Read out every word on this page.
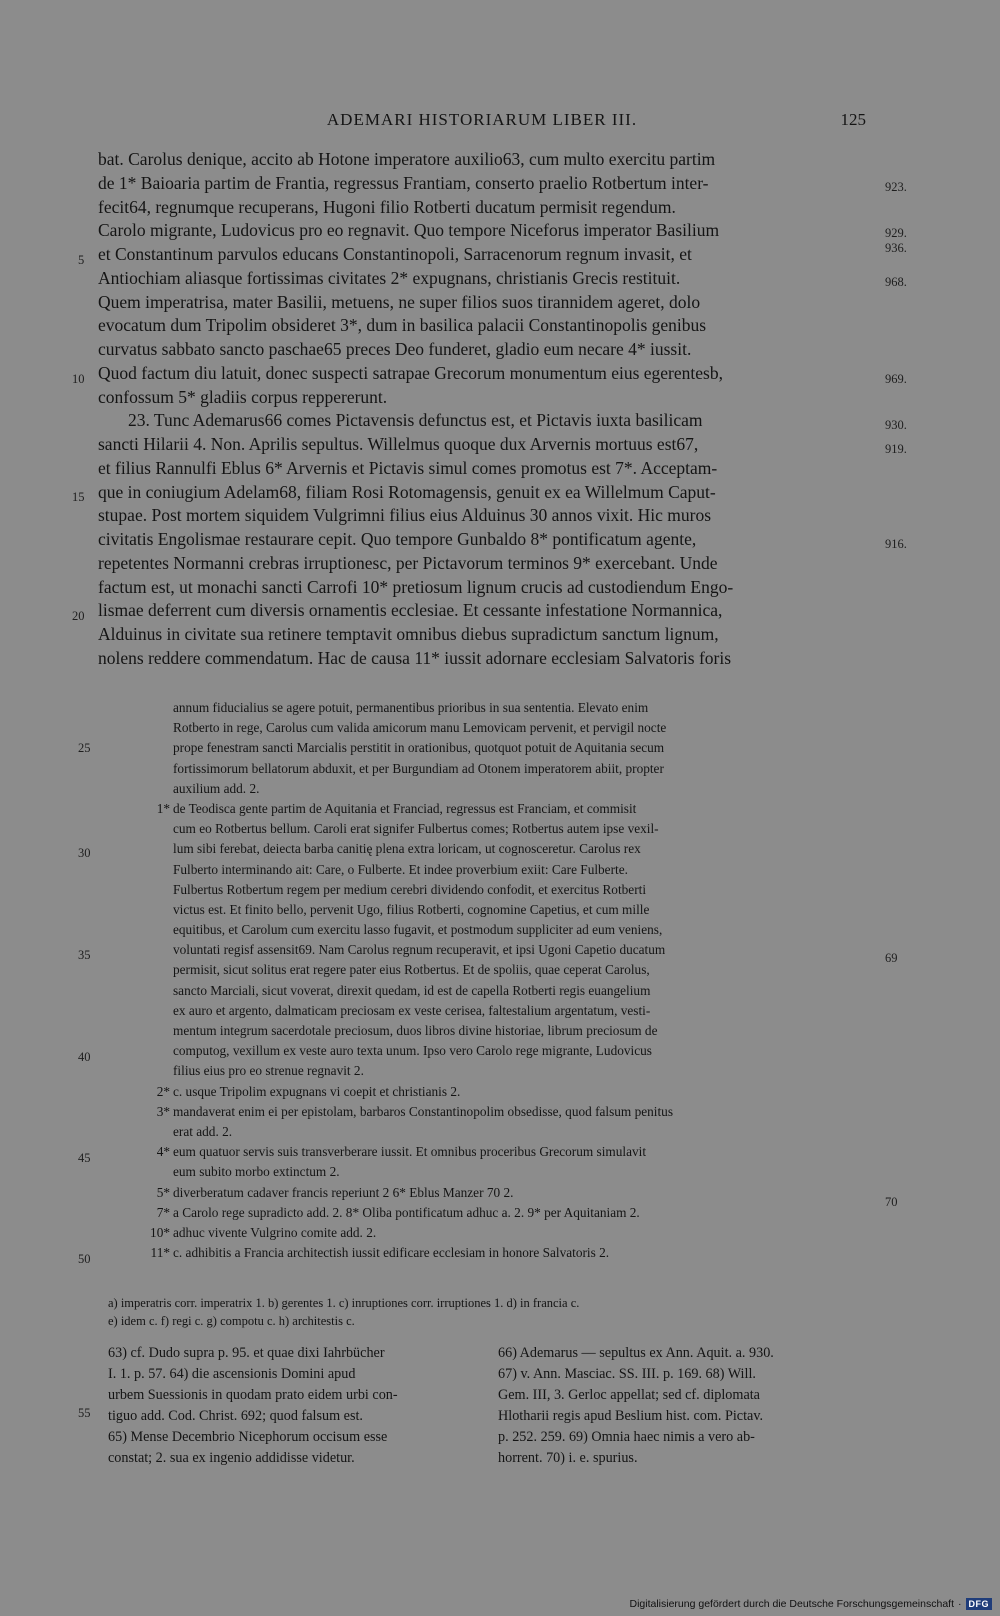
ADEMARI HISTORIARUM LIBER III.	125
bat. Carolus denique, accito ab Hotone imperatore auxilio63, cum multo exercitu partim
de 1* Baioaria partim de Frantia, regressus Frantiam, conserto praelio Rotbertum inter-
fecit64, regnumque recuperans, Hugoni filio Rotberti ducatum permisit regendum.
Carolo migrante, Ludovicus pro eo regnavit. Quo tempore Niceforus imperator Basilium
et Constantinum parvulos educans Constantinopoli, Sarracenorum regnum invasit, et
Antiochiam aliasque fortissimas civitates 2* expugnans, christianis Grecis restituit.
Quem imperatrisa, mater Basilii, metuens, ne super filios suos tirannidem ageret, dolo
evocatum dum Tripolim obsideret 3*, dum in basilica palacii Constantinopolis genibus
curvatus sabbato sancto paschae65 preces Deo funderet, gladio eum necare 4* iussit.
Quod factum diu latuit, donec suspecti satrapae Grecorum monumentum eius egerentesb,
confossum 5* gladiis corpus reppererunt.
23. Tunc Ademarus66 comes Pictavensis defunctus est, et Pictavis iuxta basilicam
sancti Hilarii 4. Non. Aprilis sepultus. Willelmus quoque dux Arvernis mortuus est67,
et filius Rannulfi Eblus 6* Arvernis et Pictavis simul comes promotus est 7*. Acceptam-
que in coniugium Adelam68, filiam Rosi Rotomagensis, genuit ex ea Willelmum Caput-
stupae. Post mortem siquidem Vulgrimni filius eius Alduinus 30 annos vixit. Hic muros
civitatis Engolismae restaurare cepit. Quo tempore Gunbaldo 8* pontificatum agente,
repetentes Normanni crebras irruptionesc, per Pictavorum terminos 9* exercebant. Unde
factum est, ut monachi sancti Carrofi 10* pretiosum lignum crucis ad custodiendum Engo-
lismae deferrent cum diversis ornamentis ecclesiae. Et cessante infestatione Normannica,
Alduinus in civitate sua retinere temptavit omnibus diebus supradictum sanctum lignum,
nolens reddere commendatum. Hac de causa 11* iussit adornare ecclesiam Salvatoris foris
5
10
15
20
923.
929.
936.
968.
969.
930.
919.
916.
annum fiducialius se agere potuit, permanentibus prioribus in sua sententia. Elevato enim
Rotberto in rege, Carolus cum valida amicorum manu Lemovicam pervenit, et pervigil nocte
prope fenestram sancti Marcialis perstitit in orationibus, quotquot potuit de Aquitania secum
fortissimorum bellatorum abduxit, et per Burgundiam ad Otonem imperatorem abiit, propter
auxilium add. 2.
1* de Teodisca gente partim de Aquitania et Franciad, regressus est Franciam, et commisit
cum eo Rotbertus bellum. Caroli erat signifer Fulbertus comes; Rotbertus autem ipse vexil-
lum sibi ferebat, deiecta barba canitię plena extra loricam, ut cognosceretur. Carolus rex
Fulberto interminando ait: Care, o Fulberte. Et indee proverbium exiit: Care Fulberte.
Fulbertus Rotbertum regem per medium cerebri dividendo confodit, et exercitus Rotberti
victus est. Et finito bello, pervenit Ugo, filius Rotberti, cognomine Capetius, et cum mille
equitibus, et Carolum cum exercitu lasso fugavit, et postmodum suppliciter ad eum veniens,
voluntati regisf assensit69. Nam Carolus regnum recuperavit, et ipsi Ugoni Capetio ducatum
permisit, sicut solitus erat regere pater eius Rotbertus. Et de spoliis, quae ceperat Carolus,
sancto Marciali, sicut voverat, direxit quedam, id est de capella Rotberti regis euangelium
ex auro et argento, dalmaticam preciosam ex veste cerisea, faltestalium argentatum, vesti-
mentum integrum sacerdotale preciosum, duos libros divine historiae, librum preciosum de
computog, vexillum ex veste auro texta unum. Ipso vero Carolo rege migrante, Ludovicus
filius eius pro eo strenue regnavit 2.
2* c. usque Tripolim expugnans vi coepit et christianis 2.
3* mandaverat enim ei per epistolam, barbaros Constantinopolim obsedisse, quod falsum penitus
erat add. 2.
4* eum quatuor servis suis transverberare iussit. Et omnibus proceribus Grecorum simulavit
eum subito morbo extinctum 2.
5* diverberatum cadaver francis reperiunt 2 6* Eblus Manzer 70 2.
7* a Carolo rege supradicto add. 2. 8* Oliba pontificatum adhuc a. 2. 9* per Aquitaniam 2.
10* adhuc vivente Vulgrino comite add. 2.
11* c. adhibitis a Francia architectish iussit edificare ecclesiam in honore Salvatoris 2.
25
30
35
40
45
50
69
70
a) imperatris corr. imperatrix 1. b) gerentes 1. c) inruptiones corr. irruptiones 1. d) in francia c.
e) idem c. f) regi c. g) compotu c. h) architestis c.
63) cf. Dudo supra p. 95. et quae dixi Iahrbücher
I. 1. p. 57. 64) die ascensionis Domini apud
urbem Suessionis in quodam prato eidem urbi con-
tiguo add. Cod. Christ. 692; quod falsum est.
65) Mense Decembrio Nicephorum occisum esse
constat; 2. sua ex ingenio addidisse videtur.
55
66) Ademarus — sepultus ex Ann. Aquit. a. 930.
67) v. Ann. Masciac. SS. III. p. 169. 68) Will.
Gem. III, 3. Gerloc appellat; sed cf. diplomata
Hlotharii regis apud Beslium hist. com. Pictav.
p. 252. 259. 69) Omnia haec nimis a vero ab-
horrent. 70) i. e. spurius.
Digitalisierung gefördert durch die Deutsche Forschungsgemeinschaft · DFG
